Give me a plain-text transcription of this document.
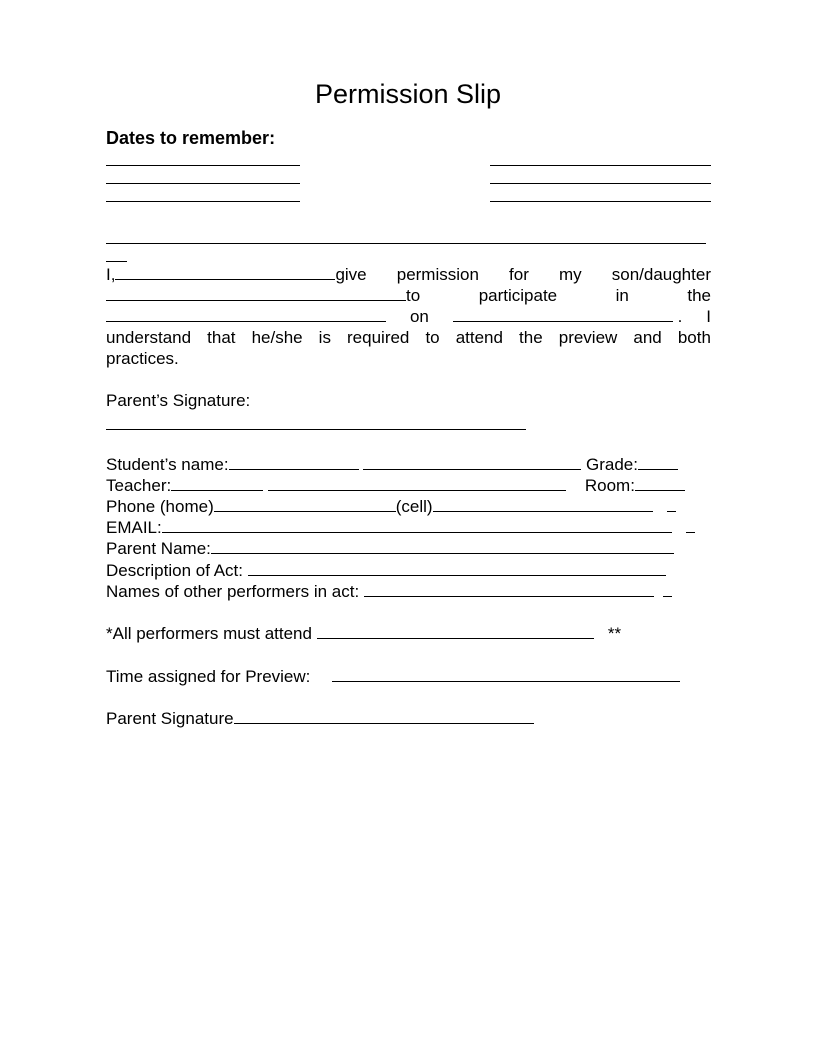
Permission Slip
Dates to remember:
I,	give permission for my son/daughter
to	participate	in	the
on	. I
understand that he/she is required to attend the preview and both
practices.
Parent’s Signature:
Student’s name:	Grade:
Teacher:	Room:
Phone (home)	(cell)
EMAIL:
Parent Name:
Description of Act:
Names of other performers in act:
*All performers must attend	**
Time assigned for Preview:
Parent Signature
